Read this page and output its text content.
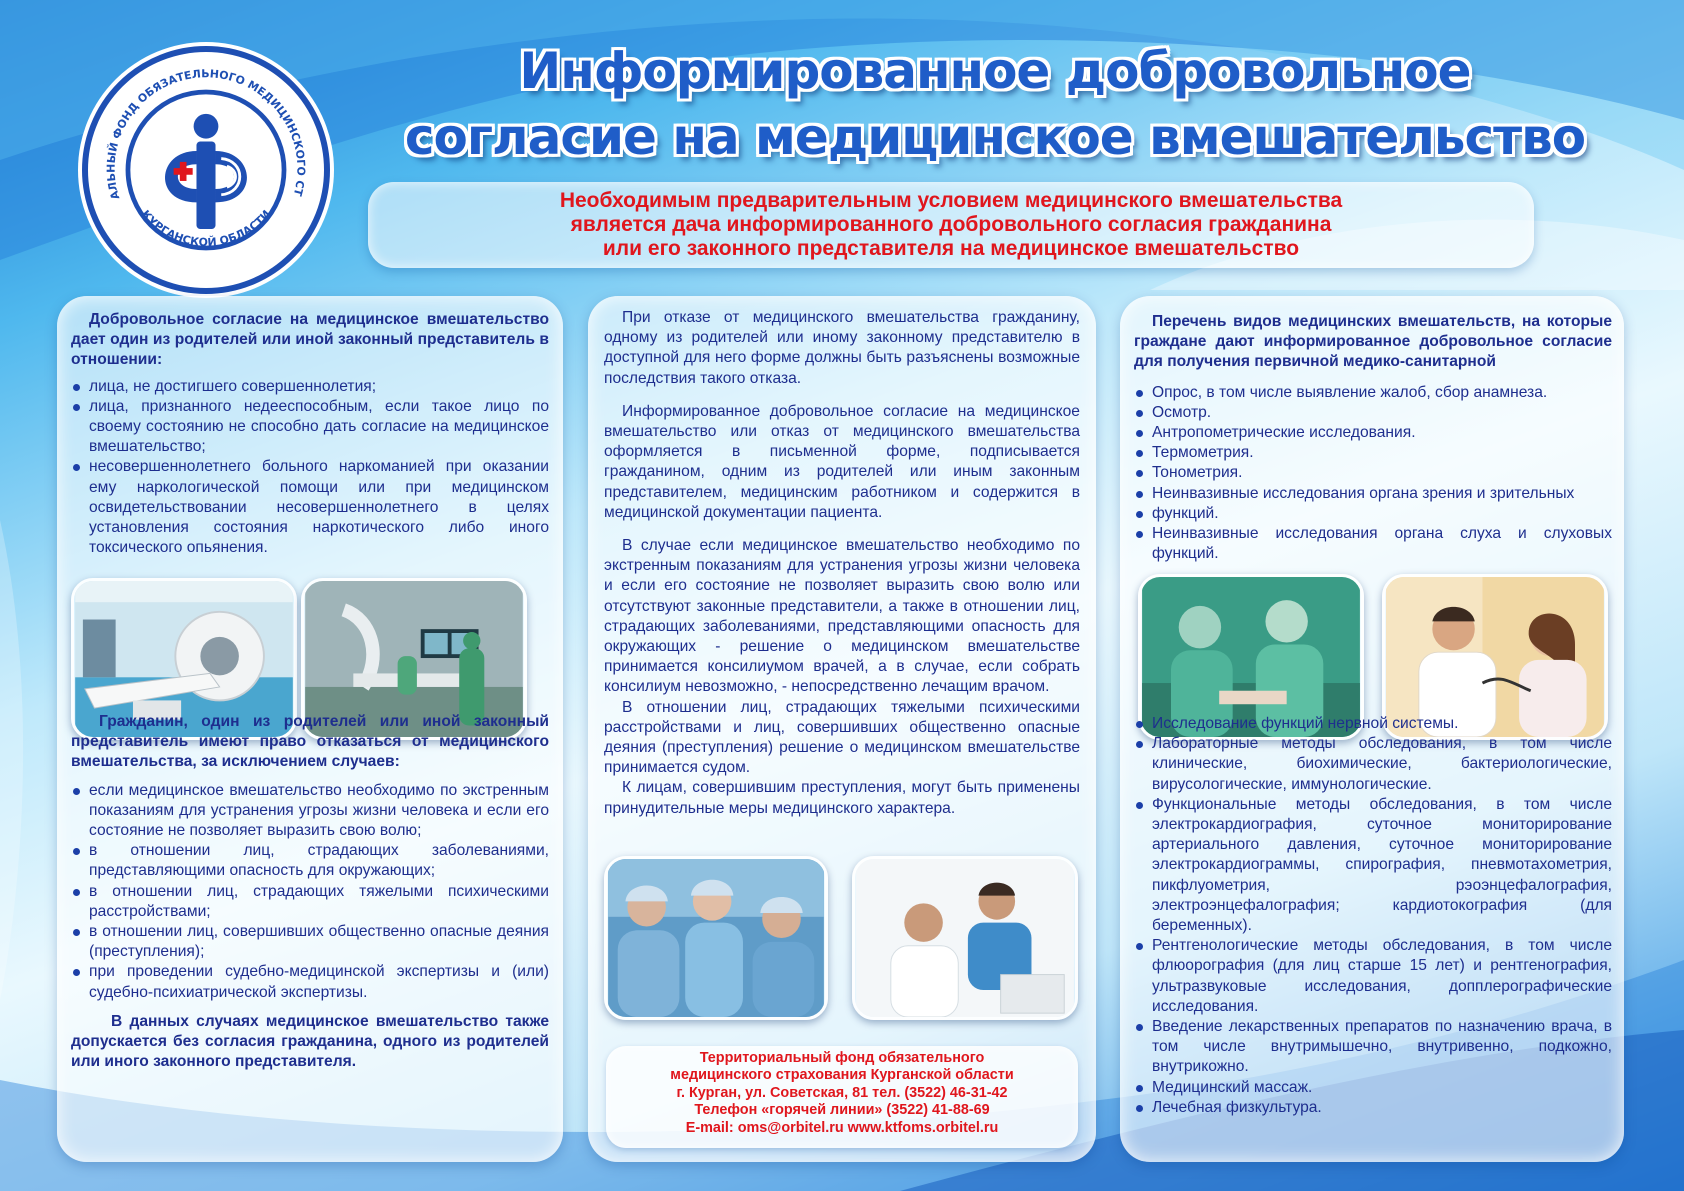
АЛЬНЫЙ ФОНД ОБЯЗАТЕЛЬНОГО МЕДИЦИНСКОГО СТ
КУРГАНСКОЙ ОБЛАСТИ
Информированное добровольное
согласие на медицинское вмешательство
Необходимым предварительным условием медицинского вмешательства
является дача информированного добровольного согласия гражданина
или его законного представителя на медицинское вмешательство
Добровольное согласие на медицинское вмешательство дает один из родителей или иной законный представитель в отношении:
лица, не достигшего совершеннолетия;
лица, признанного недееспособным, если такое лицо по своему состоянию не способно дать согласие на медицинское вмешательство;
несовершеннолетнего больного наркоманией при оказании ему наркологической помощи или при медицинском освидетельствовании несовершеннолетнего в целях установления состояния наркотического либо иного токсического опьянения.
Гражданин, один из родителей или иной законный представитель имеют право отказаться от медицинского вмешательства, за исключением случаев:
если медицинское вмешательство необходимо по экстренным показаниям для устранения угрозы жизни человека и если его состояние не позволяет выразить свою волю;
в отношении лиц, страдающих заболеваниями, представляющими опасность для окружающих;
в отношении лиц, страдающих тяжелыми психическими расстройствами;
в отношении лиц, совершивших общественно опасные деяния (преступления);
при проведении судебно-медицинской экспертизы и (или) судебно-психиатрической экспертизы.
В данных случаях медицинское вмешательство также допускается без согласия гражданина, одного из родителей или иного законного представителя.
При отказе от медицинского вмешательства гражданину, одному из родителей или иному законному представителю в доступной для него форме должны быть разъяснены возможные последствия такого отказа.
Информированное добровольное согласие на медицинское вмешательство или отказ от медицинского вмешательства оформляется в письменной форме, подписывается гражданином, одним из родителей или иным законным представителем, медицинским работником и содержится в медицинской документации пациента.
В случае если медицинское вмешательство необходимо по экстренным показаниям для устранения угрозы жизни человека и если его состояние не позволяет выразить свою волю или отсутствуют законные представители, а также в отношении лиц, страдающих заболеваниями, представляющими опасность для окружающих - решение о медицинском вмешательстве принимается консилиумом врачей, а в случае, если собрать консилиум невозможно, - непосредственно лечащим врачом.
В отношении лиц, страдающих тяжелыми психическими расстройствами и лиц, совершивших общественно опасные деяния (преступления) решение о медицинском вмешательстве принимается судом.
К лицам, совершившим преступления, могут быть применены принудительные меры медицинского характера.
Территориальный фонд обязательного
медицинского страхования Курганской области
г. Курган, ул. Советская, 81 тел. (3522) 46-31-42
Телефон «горячей линии» (3522) 41-88-69
E-mail: oms@orbitel.ru www.ktfoms.orbitel.ru
Перечень видов медицинских вмешательств, на которые граждане дают информированное добровольное согласие для получения первичной медико-санитарной
Опрос, в том числе выявление жалоб, сбор анамнеза.
Осмотр.
Антропометрические исследования.
Термометрия.
Тонометрия.
Неинвазивные исследования органа зрения и зрительных
функций.
Неинвазивные исследования органа слуха и слуховых функций.
Исследование функций нервной системы.
Лабораторные методы обследования, в том числе клинические, биохимические, бактериологические, вирусологические, иммунологические.
Функциональные методы обследования, в том числе электрокардиография, суточное мониторирование артериального давления, суточное мониторирование электрокардиограммы, спирография, пневмотахометрия, пикфлуометрия, рэоэнцефалография, электроэнцефалография; кардиотокография (для беременных).
Рентгенологические методы обследования, в том числе флюорография (для лиц старше 15 лет) и рентгенография, ультразвуковые исследования, допплерографические исследования.
Введение лекарственных препаратов по назначению врача, в том числе внутримышечно, внутривенно, подкожно, внутрикожно.
Медицинский массаж.
Лечебная физкультура.
